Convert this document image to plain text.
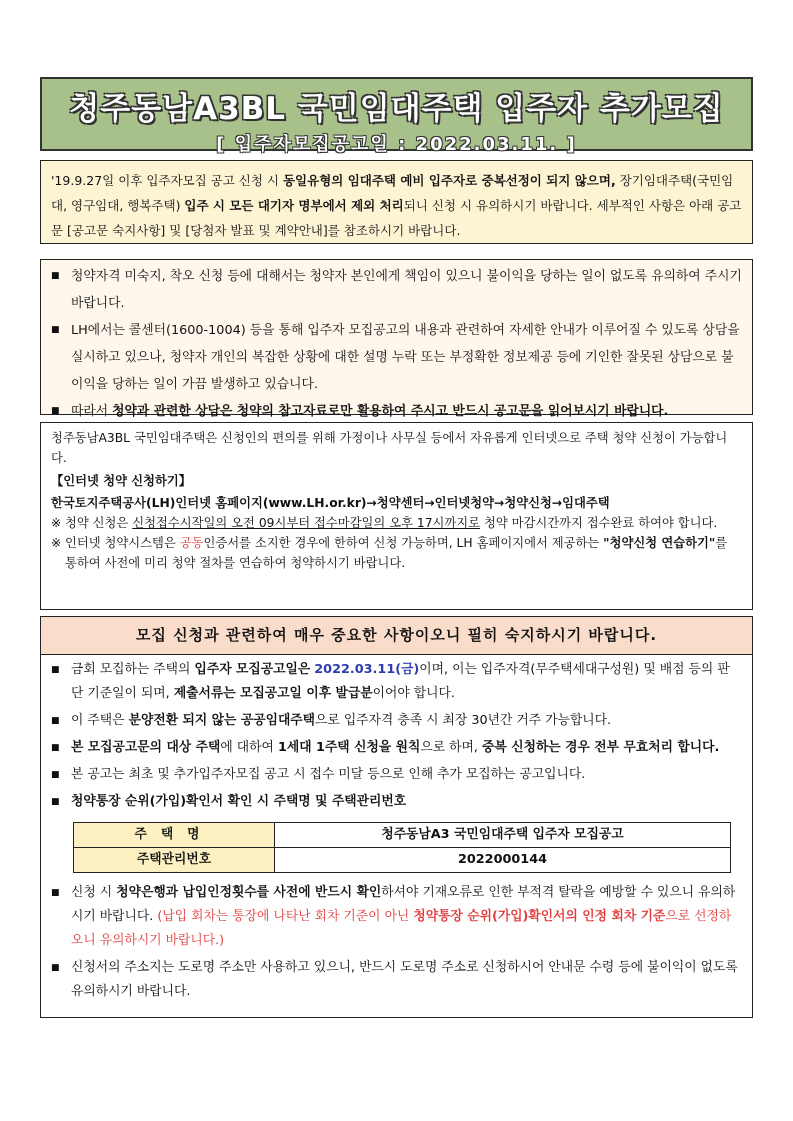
청주동남A3BL 국민임대주택 입주자 추가모집
[ 입주자모집공고일 : 2022.03.11. ]
'19.9.27일 이후 입주자모집 공고 신청 시 동일유형의 임대주택 예비 입주자로 중복선정이 되지 않으며, 장기임대주택(국민임대, 영구임대, 행복주택) 입주 시 모든 대기자 명부에서 제외 처리되니 신청 시 유의하시기 바랍니다. 세부적인 사항은 아래 공고문 [공고문 숙지사항] 및 [당첨자 발표 및 계약안내]를 참조하시기 바랍니다.
■ 청약자격 미숙지, 착오 신청 등에 대해서는 청약자 본인에게 책임이 있으니 불이익을 당하는 일이 없도록 유의하여 주시기 바랍니다.
■ LH에서는 콜센터(1600-1004) 등을 통해 입주자 모집공고의 내용과 관련하여 자세한 안내가 이루어질 수 있도록 상담을 실시하고 있으나, 청약자 개인의 복잡한 상황에 대한 설명 누락 또는 부정확한 정보제공 등에 기인한 잘못된 상담으로 불이익을 당하는 일이 가끔 발생하고 있습니다.
■ 따라서 청약과 관련한 상담은 청약의 참고자료로만 활용하여 주시고 반드시 공고문을 읽어보시기 바랍니다.
청주동남A3BL 국민임대주택은 신청인의 편의를 위해 가정이나 사무실 등에서 자유롭게 인터넷으로 주택 청약 신청이 가능합니다.
【인터넷 청약 신청하기】
한국토지주택공사(LH)인터넷 홈페이지(www.LH.or.kr)→청약센터→인터넷청약→청약신청→임대주택
※ 청약 신청은 신청접수시작일의 오전 09시부터 접수마감일의 오후 17시까지로 청약 마감시간까지 접수완료 하여야 합니다.
※ 인터넷 청약시스템은 공동인증서를 소지한 경우에 한하여 신청 가능하며, LH 홈페이지에서 제공하는 "청약신청 연습하기"를 통하여 사전에 미리 청약 절차를 연습하여 청약하시기 바랍니다.
모집 신청과 관련하여 매우 중요한 사항이오니 필히 숙지하시기 바랍니다.
■ 금회 모집하는 주택의 입주자 모집공고일은 2022.03.11(금)이며, 이는 입주자격(무주택세대구성원) 및 배점 등의 판단 기준일이 되며, 제출서류는 모집공고일 이후 발급분이어야 합니다.
■ 이 주택은 분양전환 되지 않는 공공임대주택으로 입주자격 충족 시 최장 30년간 거주 가능합니다.
■ 본 모집공고문의 대상 주택에 대하여 1세대 1주택 신청을 원칙으로 하며, 중복 신청하는 경우 전부 무효처리 합니다.
■ 본 공고는 최초 및 추가입주자모집 공고 시 접수 미달 등으로 인해 추가 모집하는 공고입니다.
■ 청약통장 순위(가입)확인서 확인 시 주택명 및 주택관리번호
주택명	청주동남A3 국민임대주택 입주자 모집공고
주택관리번호	2022000144
■ 신청 시 청약은행과 납입인정횟수를 사전에 반드시 확인하셔야 기재오류로 인한 부적격 탈락을 예방할 수 있으니 유의하시기 바랍니다. (납입 회차는 통장에 나타난 회차 기준이 아닌 청약통장 순위(가입)확인서의 인정 회차 기준으로 선정하오니 유의하시기 바랍니다.)
■ 신청서의 주소지는 도로명 주소만 사용하고 있으니, 반드시 도로명 주소로 신청하시어 안내문 수령 등에 불이익이 없도록 유의하시기 바랍니다.
